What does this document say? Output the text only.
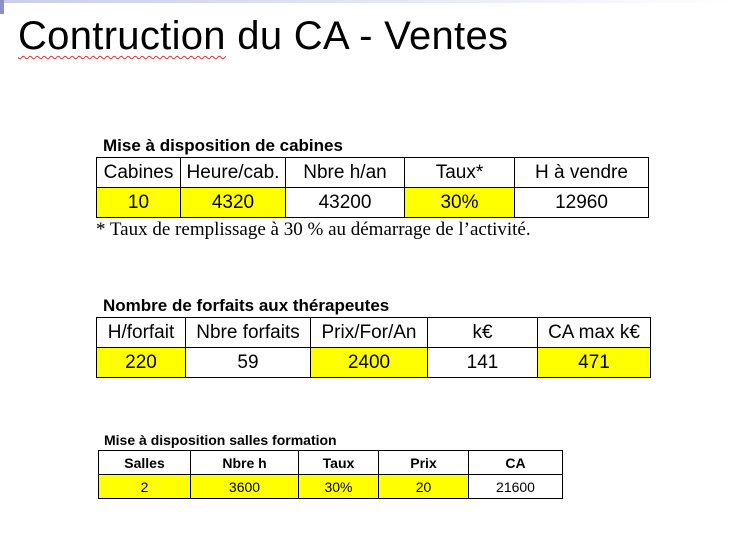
Contruction du CA - Ventes

Mise à disposition de cabines

Cabines	Heure/cab.	Nbre h/an	Taux*	H à vendre
10	4320	43200	30%	12960

* Taux de remplissage à 30 % au démarrage de l’activité.

Nombre de forfaits aux thérapeutes

H/forfait	Nbre forfaits	Prix/For/An	k€	CA max k€
220	59	2400	141	471

Mise à disposition salles formation

Salles	Nbre h	Taux	Prix	CA
2	3600	30%	20	21600
